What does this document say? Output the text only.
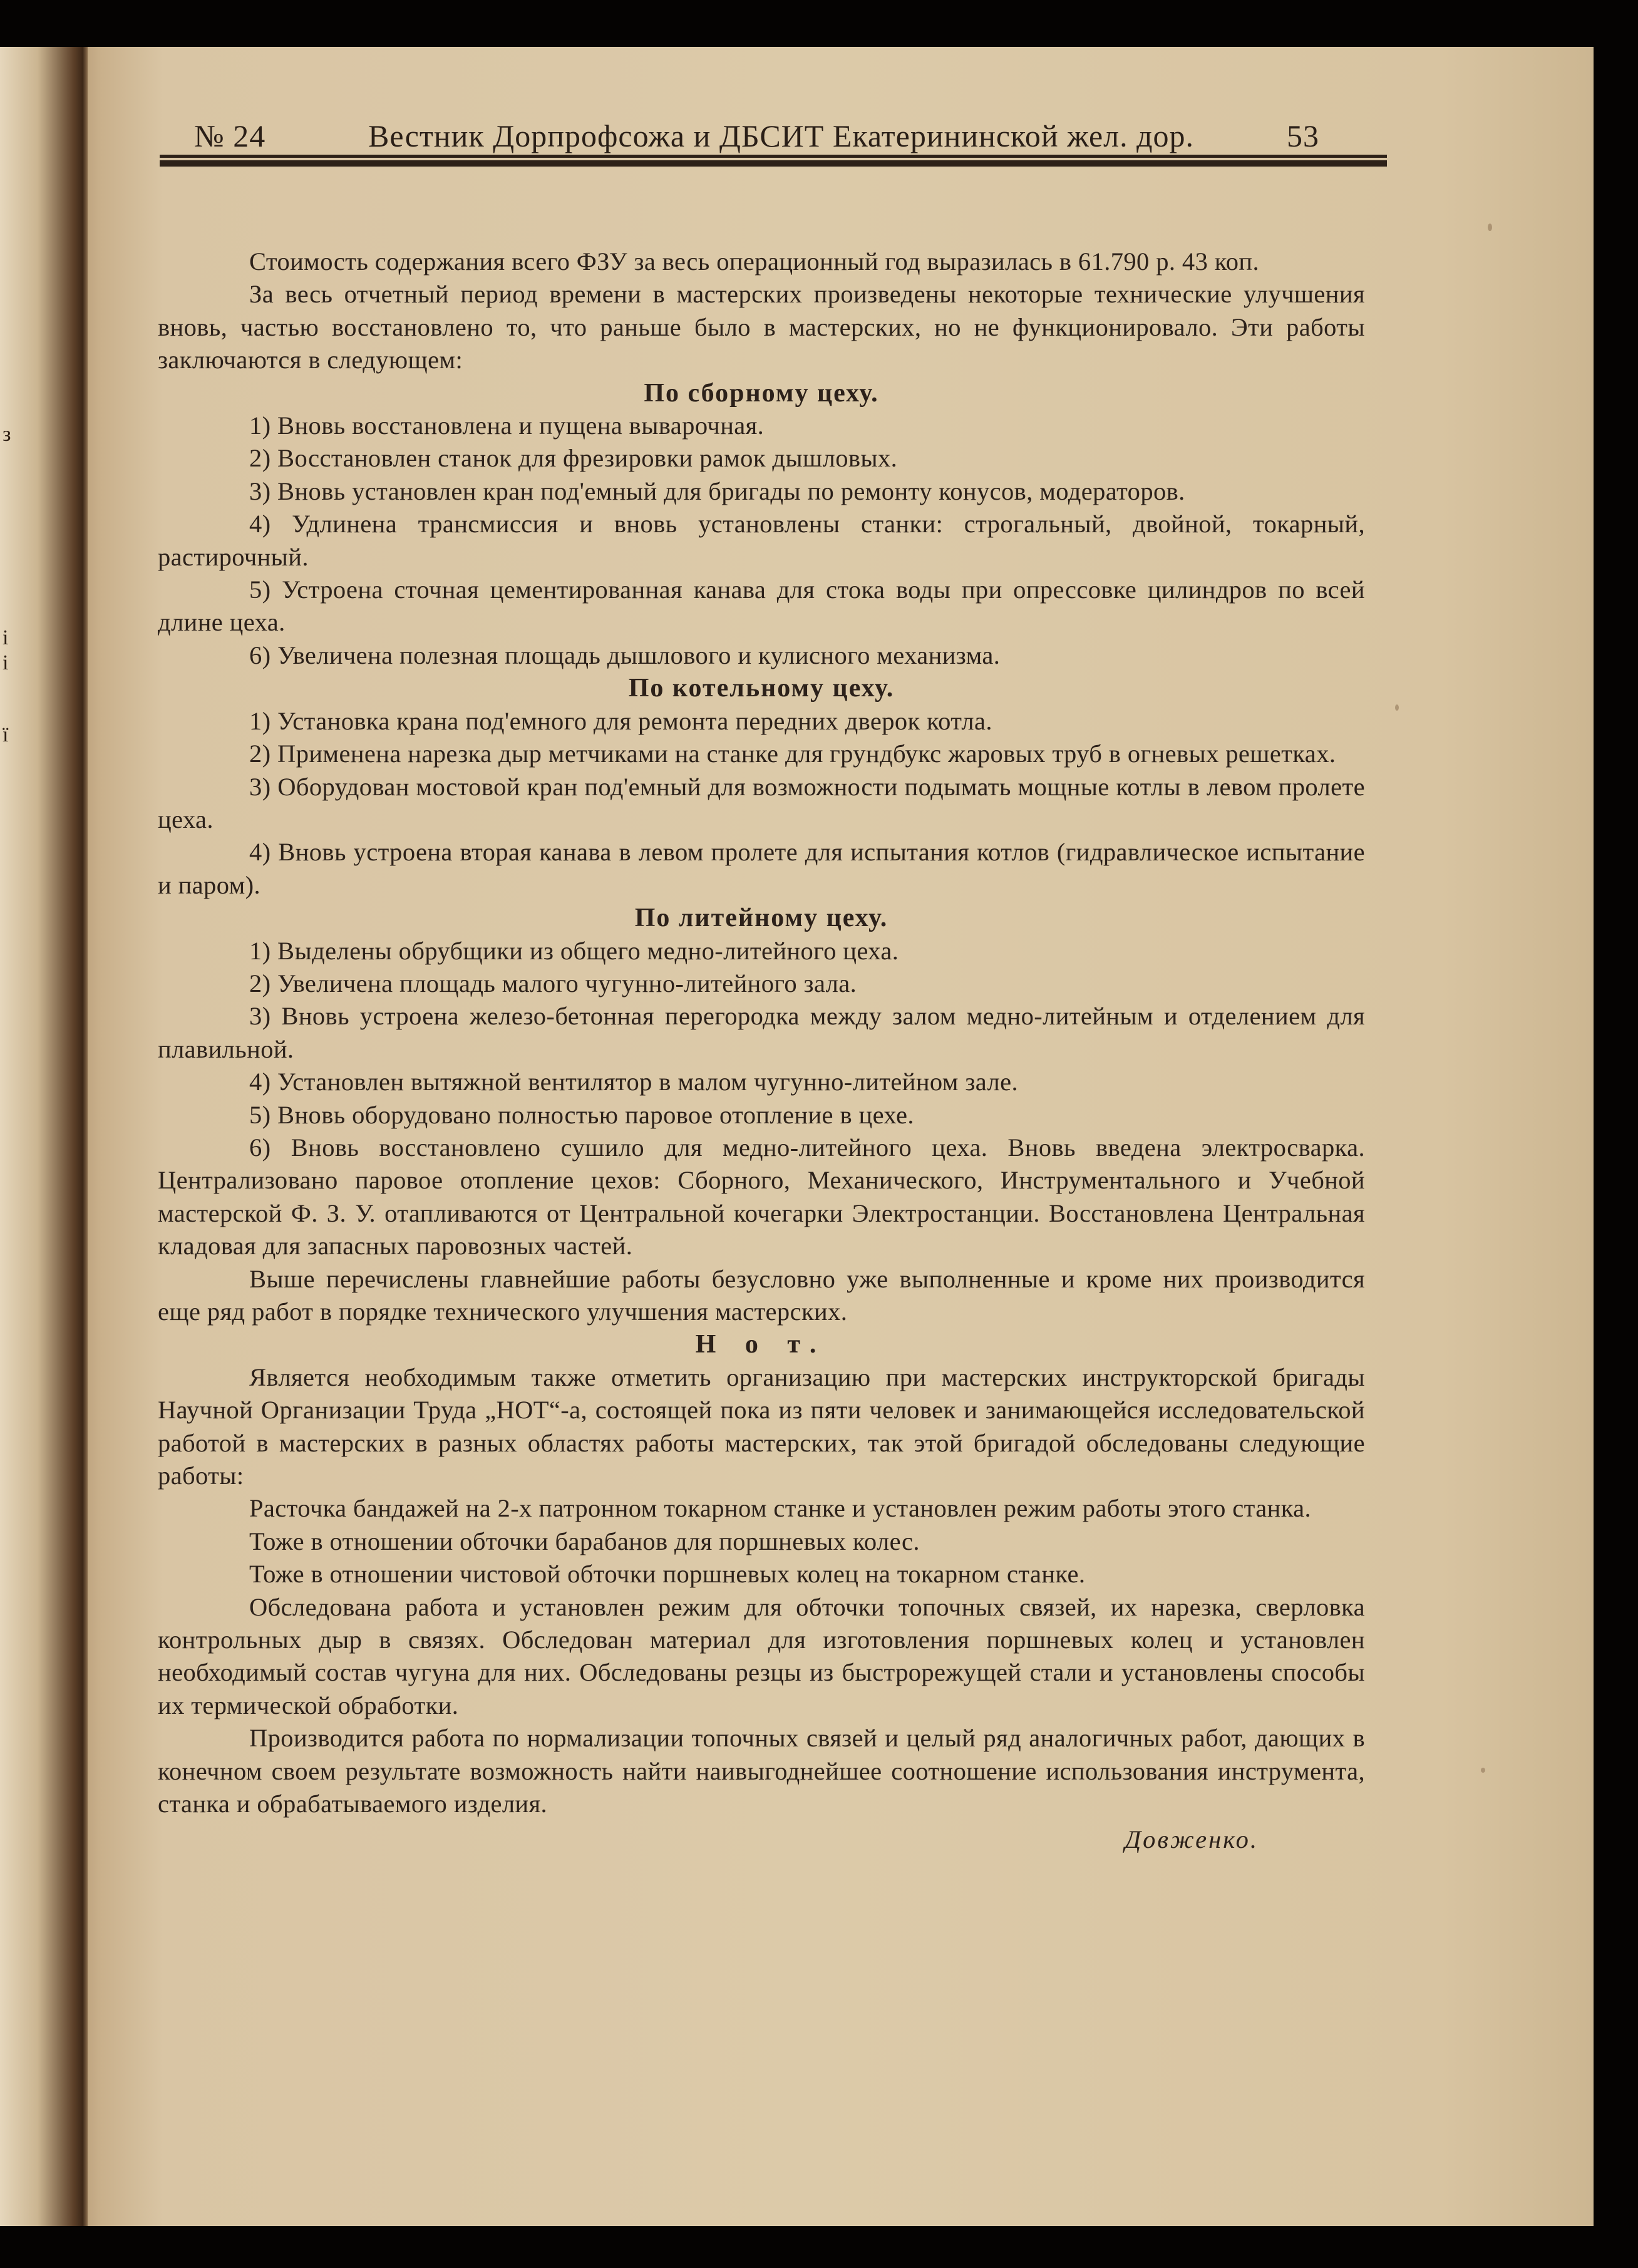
з
і
і
ї
№ 24	Вестник Дорпрофсожа и ДБСИТ Екатерининской жел. дор.	53

Стоимость содержания всего ФЗУ за весь операционный год выразилась в 61.790 р. 43 коп.

За весь отчетный период времени в мастерских произведены некоторые технические улучшения вновь, частью восстановлено то, что раньше было в мастерских, но не функционировало. Эти работы заключаются в следующем:

По сборному цеху.

1) Вновь восстановлена и пущена выварочная.

2) Восстановлен станок для фрезировки рамок дышловых.

3) Вновь установлен кран под'емный для бригады по ремонту конусов, модераторов.

4) Удлинена трансмиссия и вновь установлены станки: строгальный, двойной, токарный, растирочный.

5) Устроена сточная цементированная канава для стока воды при опрессовке цилиндров по всей длине цеха.

6) Увеличена полезная площадь дышлового и кулисного механизма.

По котельному цеху.

1) Установка крана под'емного для ремонта передних дверок котла.

2) Применена нарезка дыр метчиками на станке для грундбукс жаровых труб в огневых решетках.

3) Оборудован мостовой кран под'емный для возможности подымать мощные котлы в левом пролете цеха.

4) Вновь устроена вторая канава в левом пролете для испытания котлов (гидравлическое испытание и паром).

По литейному цеху.

1) Выделены обрубщики из общего медно-литейного цеха.

2) Увеличена площадь малого чугунно-литейного зала.

3) Вновь устроена железо-бетонная перегородка между залом медно-литейным и отделением для плавильной.

4) Установлен вытяжной вентилятор в малом чугунно-литейном зале.

5) Вновь оборудовано полностью паровое отопление в цехе.

6) Вновь восстановлено сушило для медно-литейного цеха. Вновь введена электросварка. Централизовано паровое отопление цехов: Сборного, Механического, Инструментального и Учебной мастерской Ф. З. У. отапливаются от Центральной кочегарки Электростанции. Восстановлена Центральная кладовая для запасных паровозных частей.

Выше перечислены главнейшие работы безусловно уже выполненные и кроме них производится еще ряд работ в порядке технического улучшения мастерских.

Н о т.

Является необходимым также отметить организацию при мастерских инструкторской бригады Научной Организации Труда „НОТ“-а, состоящей пока из пяти человек и занимающейся исследовательской работой в мастерских в разных областях работы мастерских, так этой бригадой обследованы следующие работы:

Расточка бандажей на 2-х патронном токарном станке и установлен режим работы этого станка.

Тоже в отношении обточки барабанов для поршневых колес.

Тоже в отношении чистовой обточки поршневых колец на токарном станке.

Обследована работа и установлен режим для обточки топочных связей, их нарезка, сверловка контрольных дыр в связях. Обследован материал для изготовления поршневых колец и установлен необходимый состав чугуна для них. Обследованы резцы из быстрорежущей стали и установлены способы их термической обработки.

Производится работа по нормализации топочных связей и целый ряд аналогичных работ, дающих в конечном своем результате возможность найти наивыгоднейшее соотношение использования инструмента, станка и обрабатываемого изделия.

Довженко.
